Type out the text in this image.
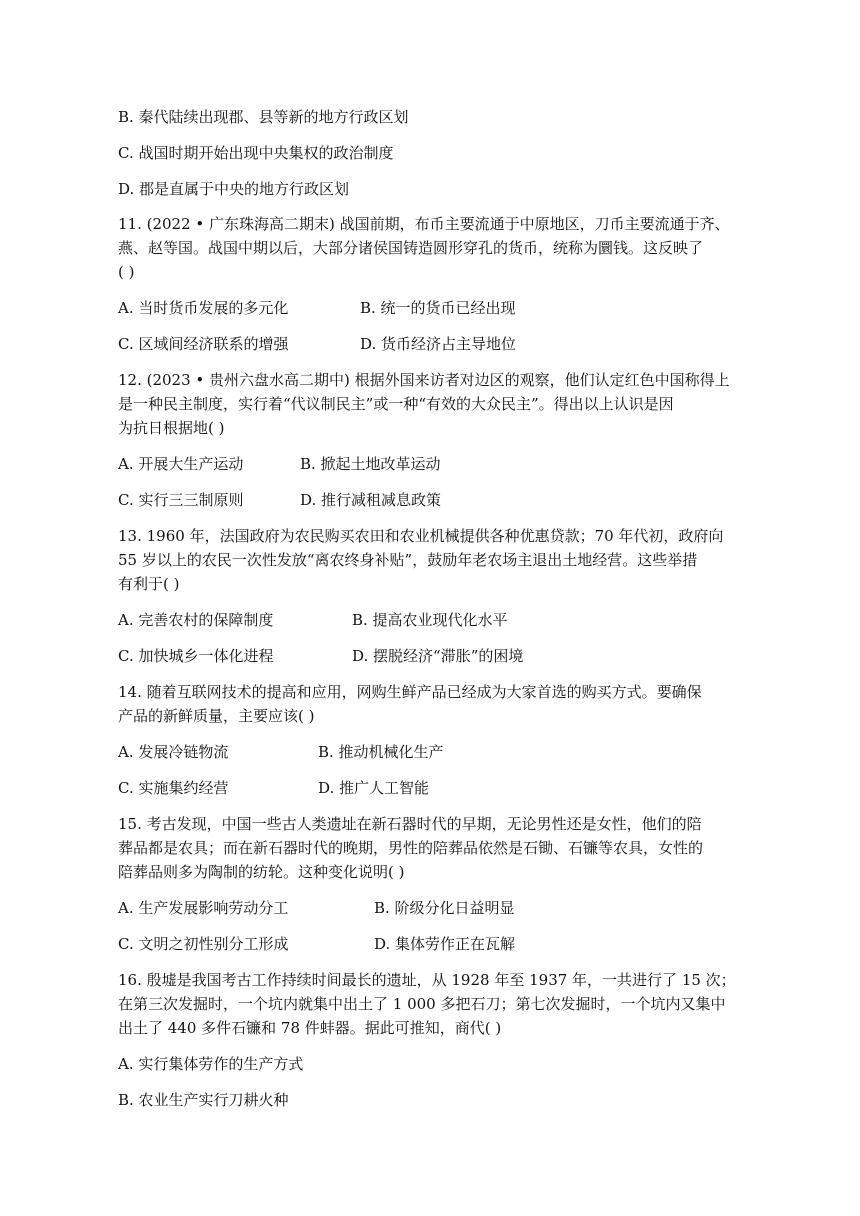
B. 秦代陆续出现郡、县等新的地方行政区划
C. 战国时期开始出现中央集权的政治制度
D. 郡是直属于中央的地方行政区划
11. (2022 • 广东珠海高二期末) 战国前期，布币主要流通于中原地区，刀币主要流通于齐、
燕、赵等国。战国中期以后，大部分诸侯国铸造圆形穿孔的货币，统称为圜钱。这反映了
( )
A. 当时货币发展的多元化	B. 统一的货币已经出现
C. 区域间经济联系的增强	D. 货币经济占主导地位
12. (2023 • 贵州六盘水高二期中) 根据外国来访者对边区的观察，他们认定红色中国称得上
是一种民主制度，实行着“代议制民主”或一种“有效的大众民主”。得出以上认识是因
为抗日根据地( )
A. 开展大生产运动	B. 掀起土地改革运动
C. 实行三三制原则	D. 推行减租减息政策
13. 1960 年，法国政府为农民购买农田和农业机械提供各种优惠贷款；70 年代初，政府向
55 岁以上的农民一次性发放“离农终身补贴”，鼓励年老农场主退出土地经营。这些举措
有利于( )
A. 完善农村的保障制度	B. 提高农业现代化水平
C. 加快城乡一体化进程	D. 摆脱经济“滞胀”的困境
14. 随着互联网技术的提高和应用，网购生鲜产品已经成为大家首选的购买方式。要确保
产品的新鲜质量，主要应该( )
A. 发展冷链物流	B. 推动机械化生产
C. 实施集约经营	D. 推广人工智能
15. 考古发现，中国一些古人类遗址在新石器时代的早期，无论男性还是女性，他们的陪
葬品都是农具；而在新石器时代的晚期，男性的陪葬品依然是石锄、石镰等农具，女性的
陪葬品则多为陶制的纺轮。这种变化说明( )
A. 生产发展影响劳动分工	B. 阶级分化日益明显
C. 文明之初性别分工形成	D. 集体劳作正在瓦解
16. 殷墟是我国考古工作持续时间最长的遗址，从 1928 年至 1937 年，一共进行了 15 次；
在第三次发掘时，一个坑内就集中出土了 1 000 多把石刀；第七次发掘时，一个坑内又集中
出土了 440 多件石镰和 78 件蚌器。据此可推知，商代( )
A. 实行集体劳作的生产方式
B. 农业生产实行刀耕火种
